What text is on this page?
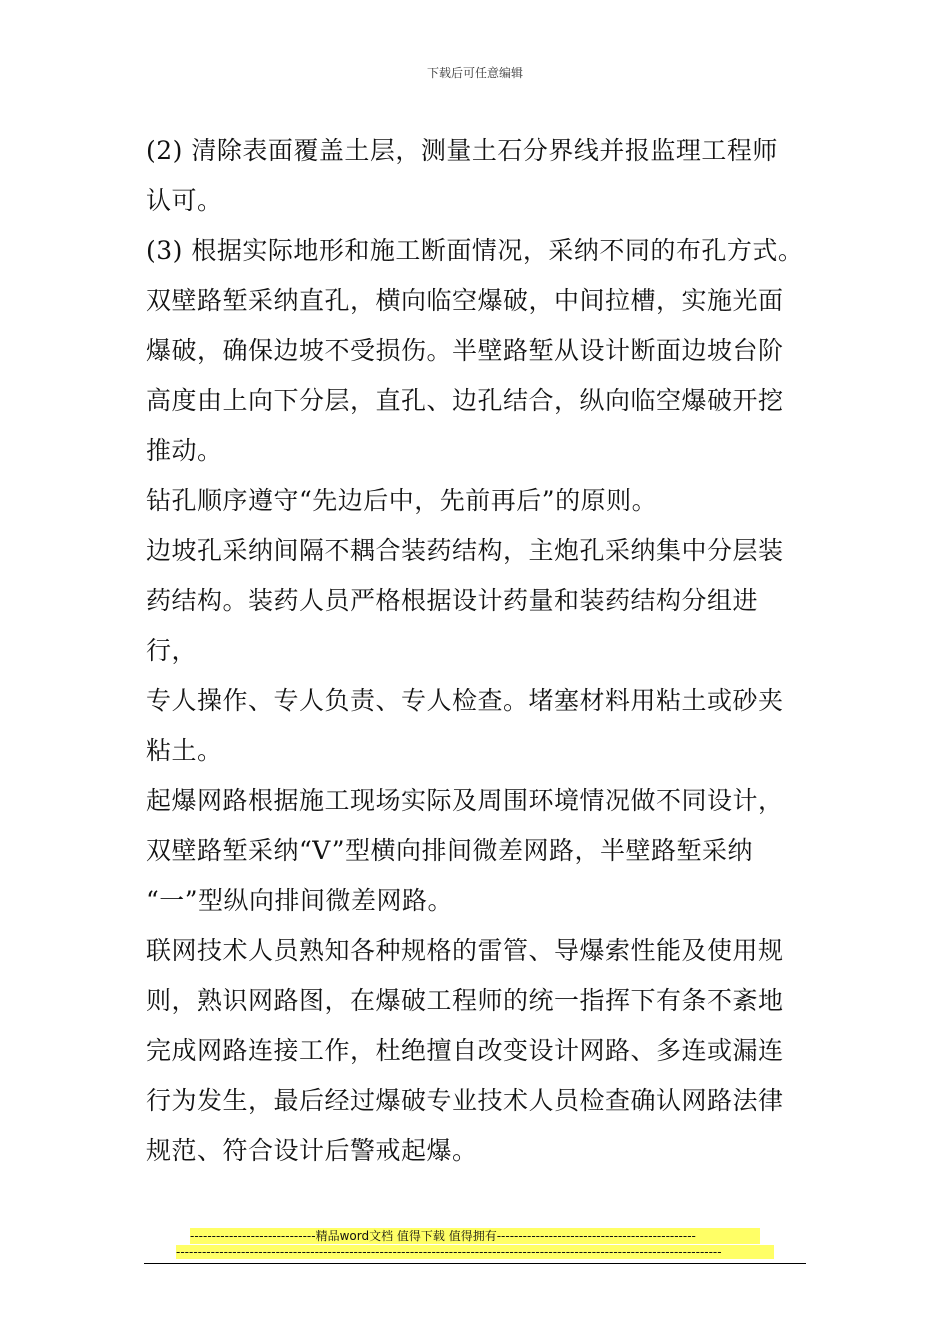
下载后可任意编辑

(2) 清除表面覆盖土层，测量土石分界线并报监理工程师
认可。

(3) 根据实际地形和施工断面情况，采纳不同的布孔方式。
双壁路堑采纳直孔，横向临空爆破，中间拉槽，实施光面
爆破，确保边坡不受损伤。半壁路堑从设计断面边坡台阶
高度由上向下分层，直孔、边孔结合，纵向临空爆破开挖
推动。

钻孔顺序遵守“先边后中，先前再后”的原则。

边坡孔采纳间隔不耦合装药结构，主炮孔采纳集中分层装
药结构。装药人员严格根据设计药量和装药结构分组进行，
专人操作、专人负责、专人检查。堵塞材料用粘土或砂夹
粘土。

起爆网路根据施工现场实际及周围环境情况做不同设计，
双壁路堑采纳“V”型横向排间微差网路，半壁路堑采纳
“一”型纵向排间微差网路。

联网技术人员熟知各种规格的雷管、导爆索性能及使用规
则，熟识网路图，在爆破工程师的统一指挥下有条不紊地
完成网路连接工作，杜绝擅自改变设计网路、多连或漏连
行为发生，最后经过爆破专业技术人员检查确认网路法律
规范、符合设计后警戒起爆。

-----------------------------精品word文档 值得下载 值得拥有----------------------------------------------
------------------------------------------------------------------------------------------------------------------------------
